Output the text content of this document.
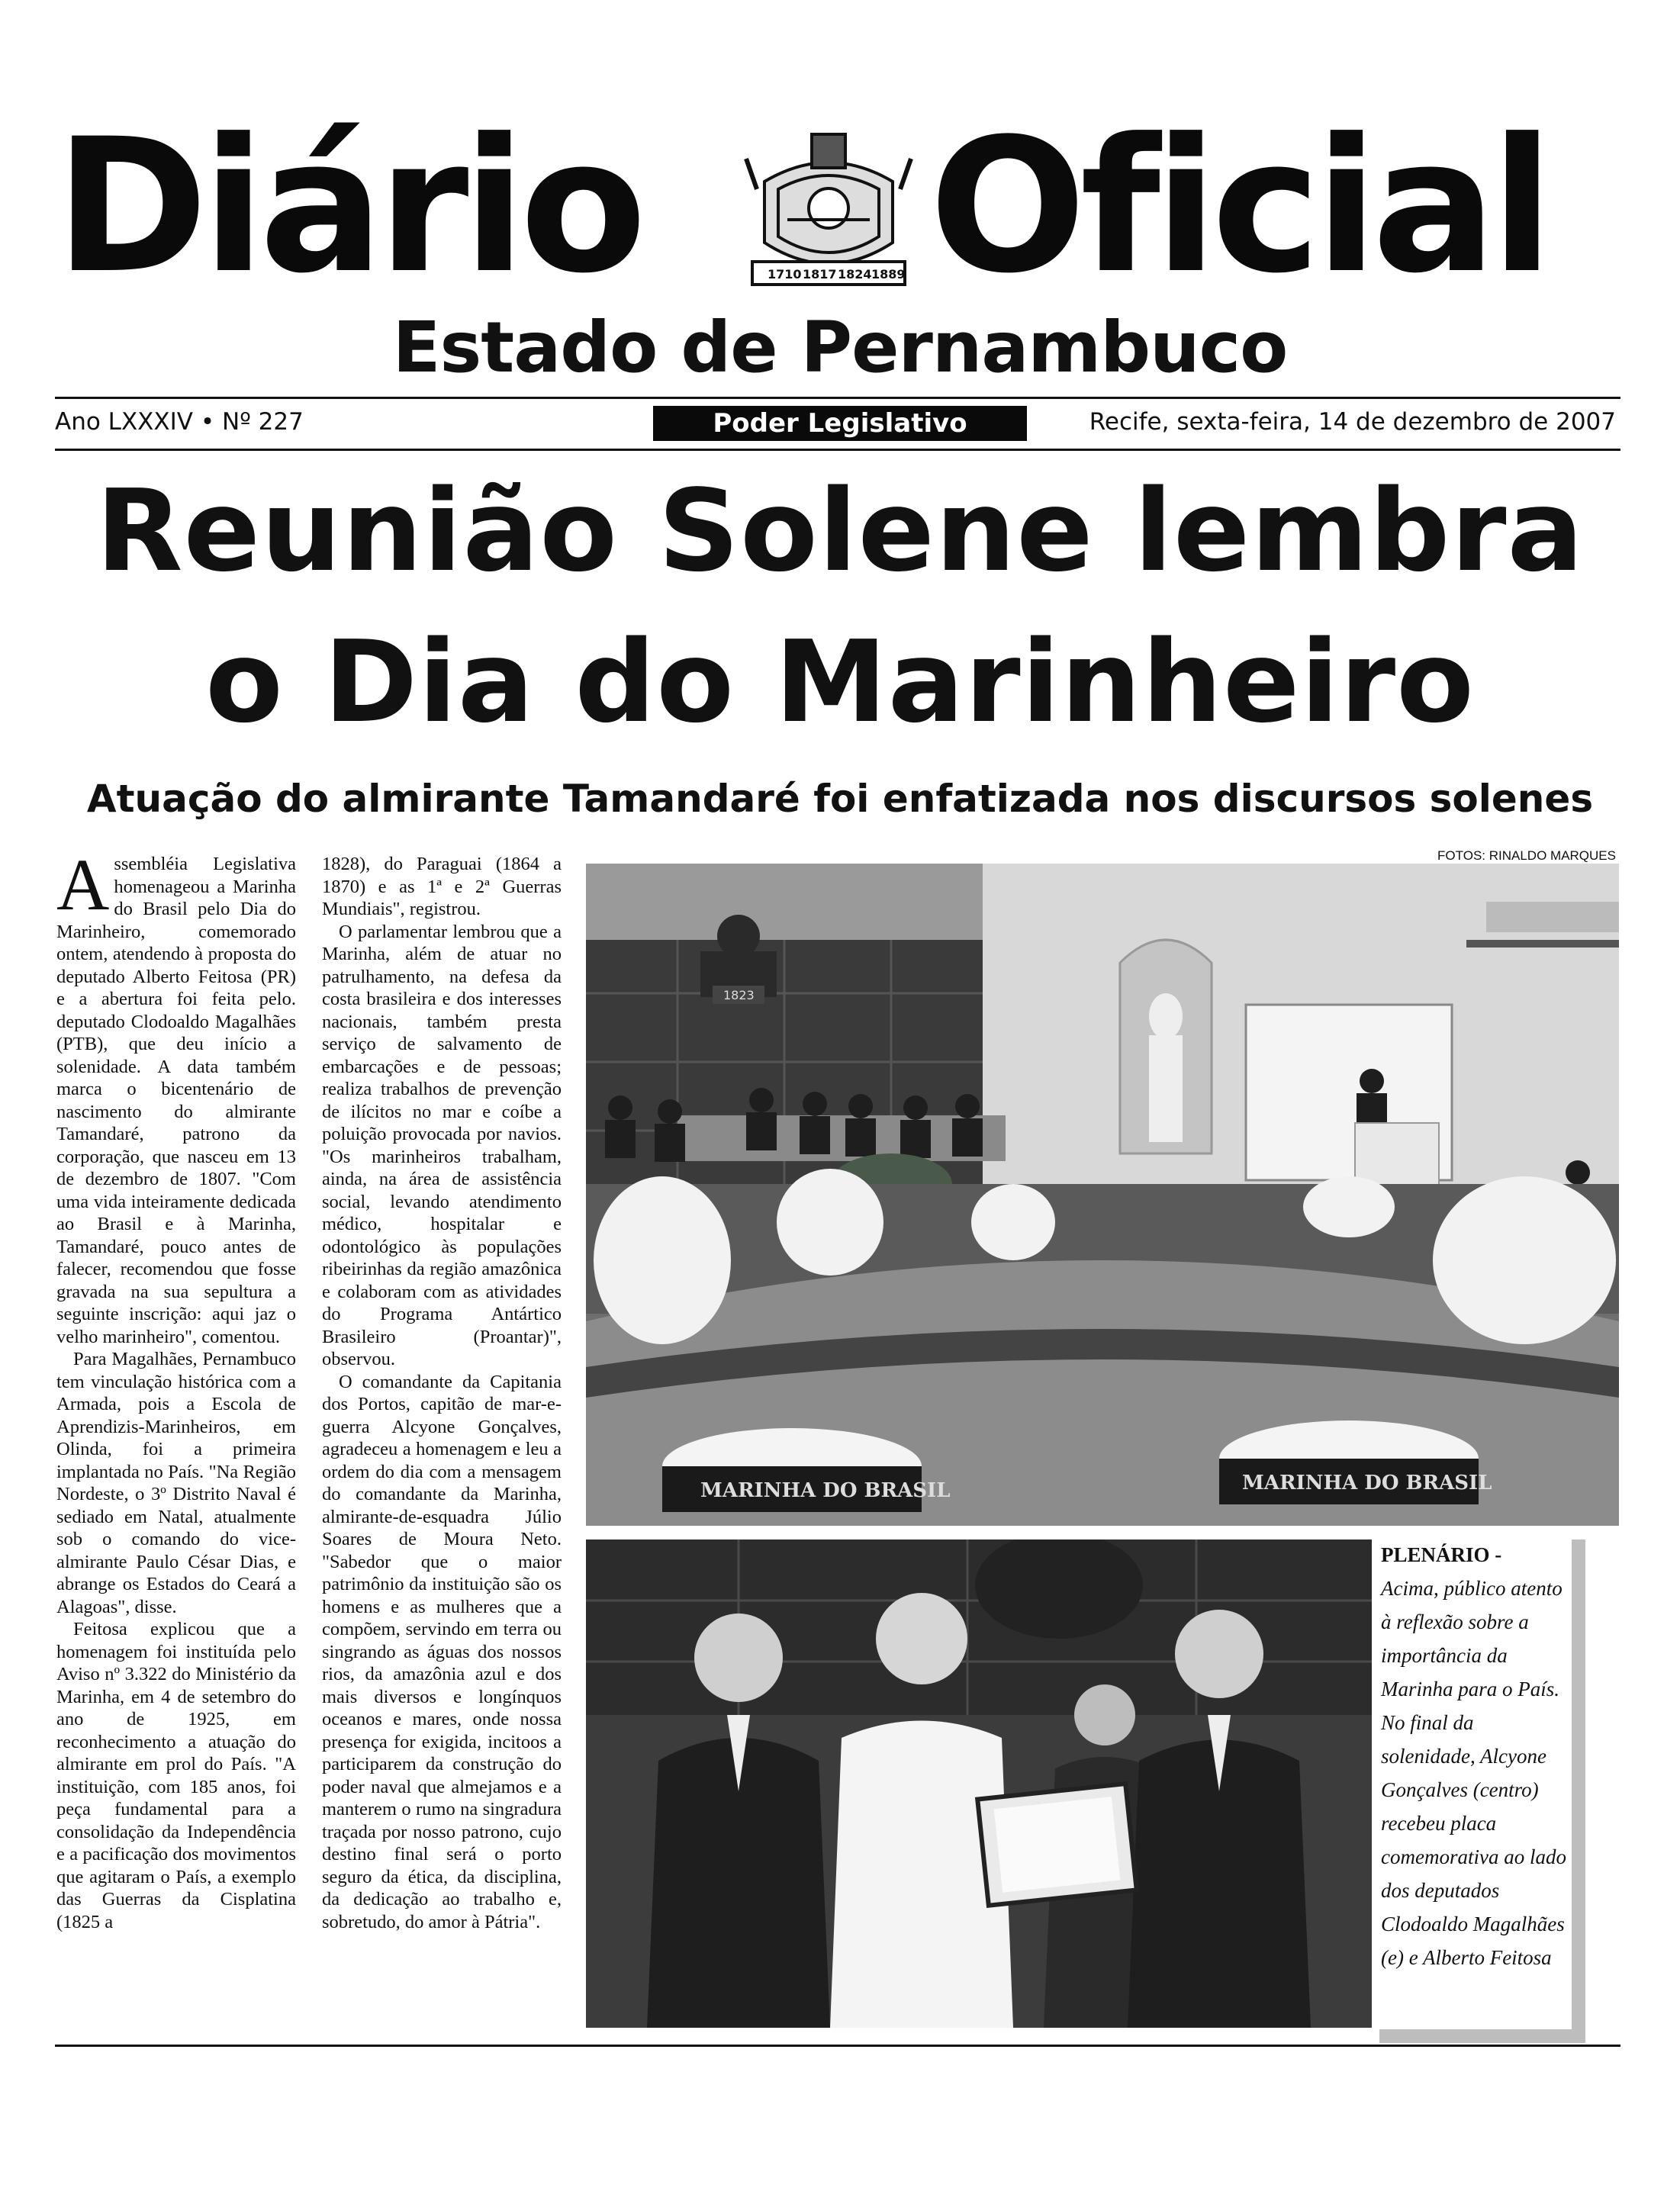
Diário Oficial
1710 1817 1824 1889
Estado de Pernambuco
Ano LXXXIV • Nº 227	Poder Legislativo	Recife, sexta-feira, 14 de dezembro de 2007
Reunião Solene lembra
o Dia do Marinheiro
Atuação do almirante Tamandaré foi enfatizada nos discursos solenes

Assembléia Legislativa homenageou a Marinha do Brasil pelo Dia do Marinheiro, comemorado ontem, atendendo à proposta do deputado Alberto Feitosa (PR) e a abertura foi feita pelo. deputado Clodoaldo Magalhães (PTB), que deu início a solenidade. A data também marca o bicentenário de nascimento do almirante Tamandaré, patrono da corporação, que nasceu em 13 de dezembro de 1807. "Com uma vida inteiramente dedicada ao Brasil e à Marinha, Tamandaré, pouco antes de falecer, recomendou que fosse gravada na sua sepultura a seguinte inscrição: aqui jaz o velho marinheiro", comentou.

Para Magalhães, Pernambuco tem vinculação histórica com a Armada, pois a Escola de Aprendizis-Marinheiros, em Olinda, foi a primeira implantada no País. "Na Região Nordeste, o 3º Distrito Naval é sediado em Natal, atualmente sob o comando do vice-almirante Paulo César Dias, e abrange os Estados do Ceará a Alagoas", disse.

Feitosa explicou que a homenagem foi instituída pelo Aviso nº 3.322 do Ministério da Marinha, em 4 de setembro do ano de 1925, em reconhecimento a atuação do almirante em prol do País. "A instituição, com 185 anos, foi peça fundamental para a consolidação da Independência e a pacificação dos movimentos que agitaram o País, a exemplo das Guerras da Cisplatina (1825 a

1828), do Paraguai (1864 a 1870) e as 1ª e 2ª Guerras Mundiais", registrou.

O parlamentar lembrou que a Marinha, além de atuar no patrulhamento, na defesa da costa brasileira e dos interesses nacionais, também presta serviço de salvamento de embarcações e de pessoas; realiza trabalhos de prevenção de ilícitos no mar e coíbe a poluição provocada por navios. "Os marinheiros trabalham, ainda, na área de assistência social, levando atendimento médico, hospitalar e odontológico às populações ribeirinhas da região amazônica e colaboram com as atividades do Programa Antártico Brasileiro (Proantar)", observou.

O comandante da Capitania dos Portos, capitão de mar-e-guerra Alcyone Gonçalves, agradeceu a homenagem e leu a ordem do dia com a mensagem do comandante da Marinha, almirante-de-esquadra Júlio Soares de Moura Neto. "Sabedor que o maior patrimônio da instituição são os homens e as mulheres que a compõem, servindo em terra ou singrando as águas dos nossos rios, da amazônia azul e dos mais diversos e longínquos oceanos e mares, onde nossa presença for exigida, incitoos a participarem da construção do poder naval que almejamos e a manterem o rumo na singradura traçada por nosso patrono, cujo destino final será o porto seguro da ética, da disciplina, da dedicação ao trabalho e, sobretudo, do amor à Pátria".

FOTOS: RINALDO MARQUES
1823
MARINHA DO BRASIL	MARINHA DO BRASIL
PLENÁRIO -
Acima, público atento à reflexão sobre a importância da Marinha para o País. No final da solenidade, Alcyone Gonçalves (centro) recebeu placa comemorativa ao lado dos deputados Clodoaldo Magalhães (e) e Alberto Feitosa
